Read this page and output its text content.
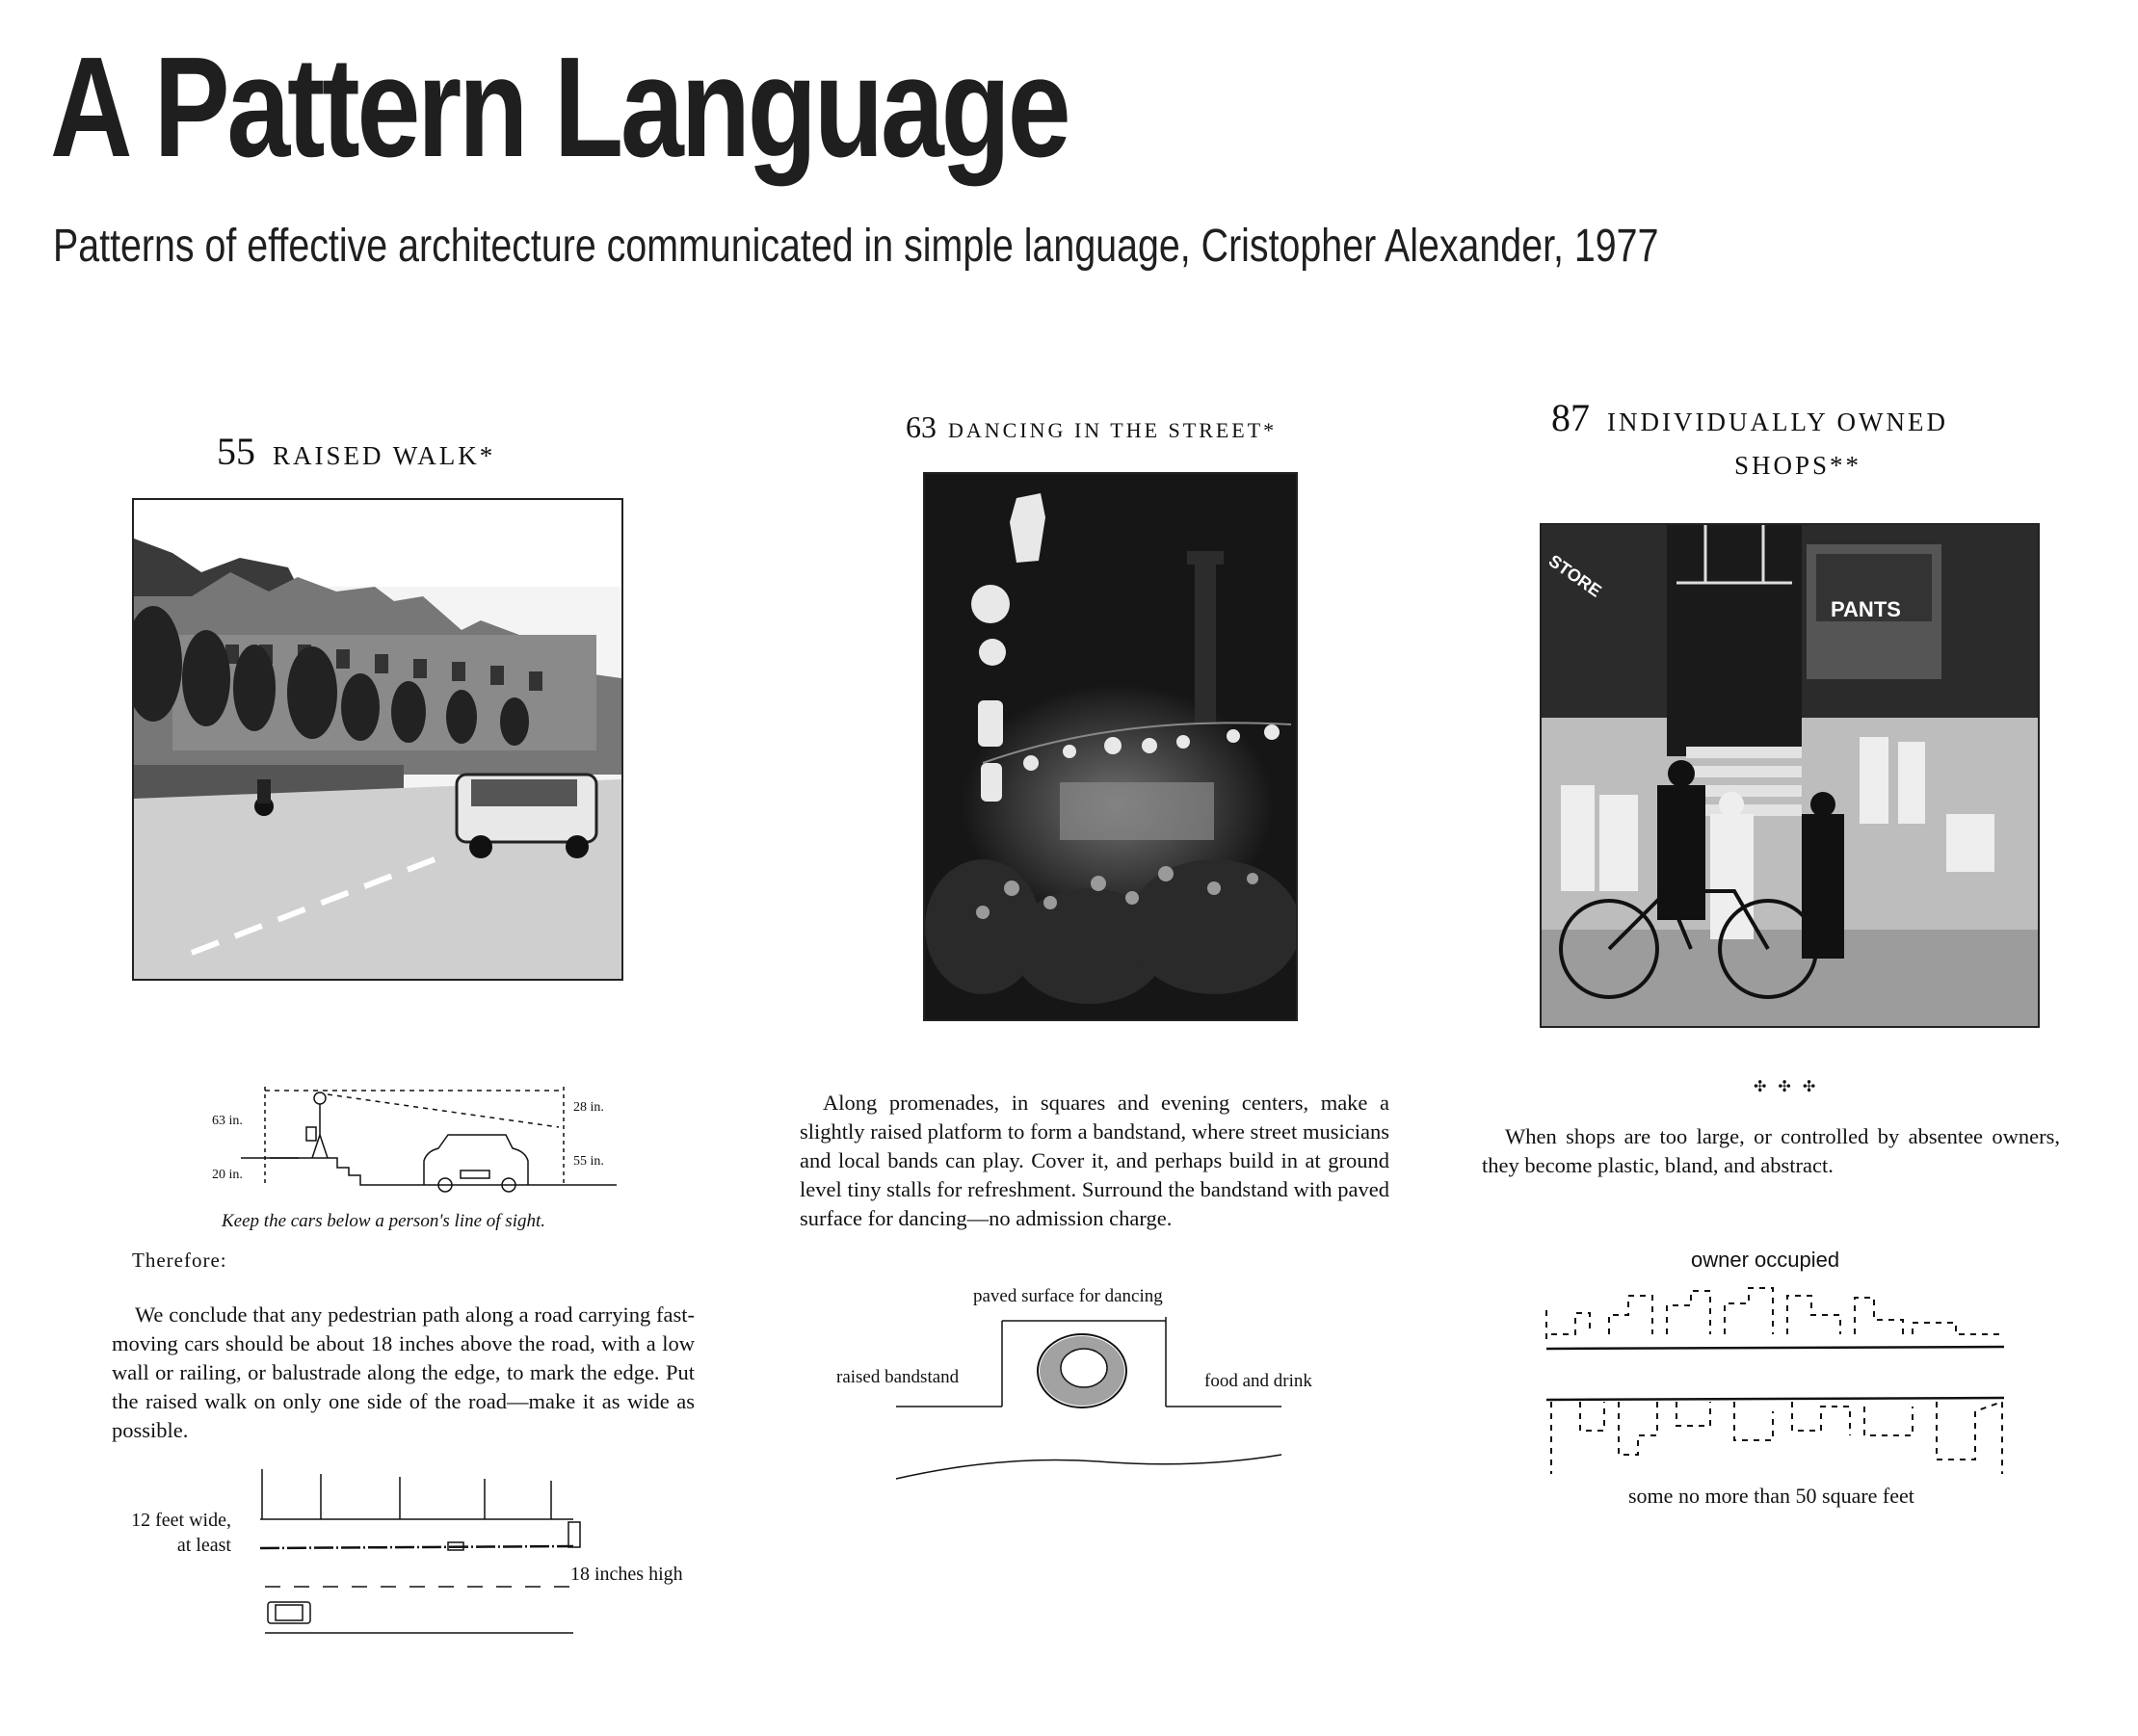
A Pattern Language
Patterns of effective architecture communicated in simple language, Cristopher Alexander, 1977
55 RAISED WALK*
63 in.
20 in.
28 in.
55 in.
Keep the cars below a person's line of sight.
Therefore:

We conclude that any pedestrian path along a road carrying fast-moving cars should be about 18 inches above the road, with a low wall or railing, or balustrade along the edge, to mark the edge. Put the raised walk on only one side of the road—make it as wide as possible.

12 feet wide,
at least
18 inches high
63 DANCING IN THE STREET*

Along promenades, in squares and evening centers, make a slightly raised platform to form a bandstand, where street musicians and local bands can play. Cover it, and perhaps build in at ground level tiny stalls for refreshment. Surround the bandstand with paved surface for dancing—no admission charge.

paved surface for dancing
raised bandstand	food and drink
87 INDIVIDUALLY OWNED
SHOPS**
STORE
PANTS
✣ ✣ ✣

When shops are too large, or controlled by absentee owners, they become plastic, bland, and abstract.

owner occupied
some no more than 50 square feet
